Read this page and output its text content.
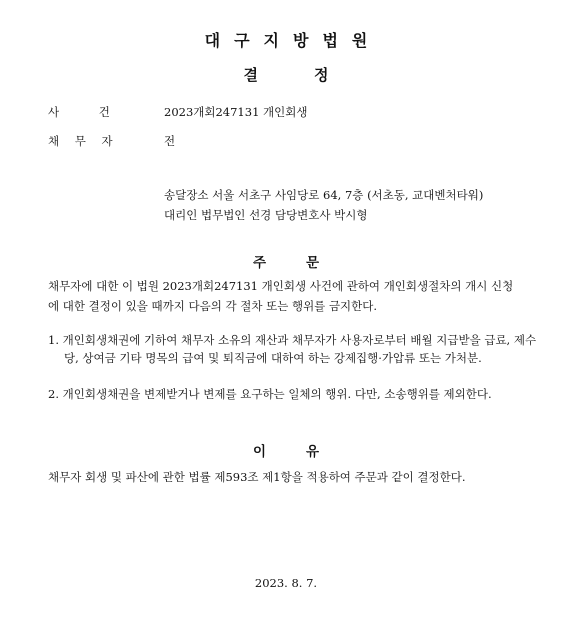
대구지방법원
결정
사 건	2023개회247131 개인회생
채 무 자	전
송달장소 서울 서초구 사임당로 64, 7층 (서초동, 교대벤처타워)
대리인 법무법인 선경 담당변호사 박시형
주문
채무자에 대한 이 법원 2023개회247131 개인회생 사건에 관하여 개인회생절차의 개시 신청에 대한 결정이 있을 때까지 다음의 각 절차 또는 행위를 금지한다.
1. 개인회생채권에 기하여 채무자 소유의 재산과 채무자가 사용자로부터 배월 지급받을 급료, 제수당, 상여금 기타 명목의 급여 및 퇴직금에 대하여 하는 강제집행·가압류 또는 가처분.
2. 개인회생채권을 변제받거나 변제를 요구하는 일체의 행위. 다만, 소송행위를 제외한다.
이유
채무자 회생 및 파산에 관한 법률 제593조 제1항을 적용하여 주문과 같이 결정한다.
2023. 8. 7.
